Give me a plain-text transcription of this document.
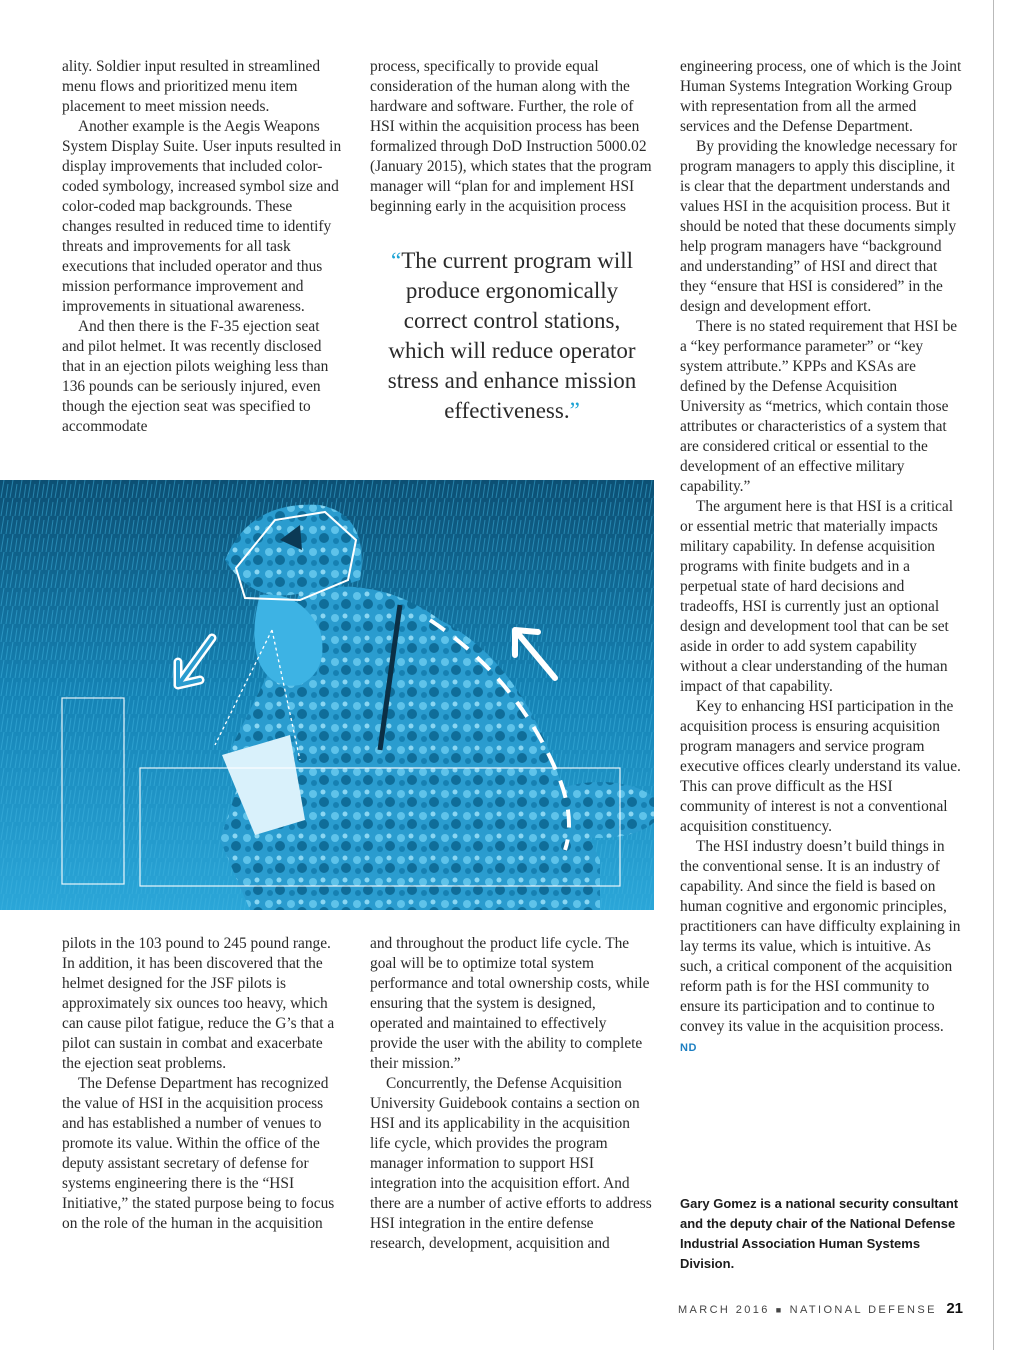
ality. Soldier input resulted in streamlined menu flows and prioritized menu item placement to meet mission needs.

Another example is the Aegis Weapons System Display Suite. User inputs resulted in display improvements that included color-coded symbology, increased symbol size and color-coded map backgrounds. These changes resulted in reduced time to identify threats and improvements for all task executions that included operator and thus mission performance improvement and improvements in situational awareness.

And then there is the F-35 ejection seat and pilot helmet. It was recently disclosed that in an ejection pilots weighing less than 136 pounds can be seriously injured, even though the ejection seat was specified to accommodate

process, specifically to provide equal consideration of the human along with the hardware and software. Further, the role of HSI within the acquisition process has been formalized through DoD Instruction 5000.02 (January 2015), which states that the program manager will “plan for and implement HSI beginning early in the acquisition process

“The current program will produce ergonomically correct control stations, which will reduce operator stress and enhance mission effectiveness.”

pilots in the 103 pound to 245 pound range. In addition, it has been discovered that the helmet designed for the JSF pilots is approximately six ounces too heavy, which can cause pilot fatigue, reduce the G’s that a pilot can sustain in combat and exacerbate the ejection seat problems.

The Defense Department has recognized the value of HSI in the acquisition process and has established a number of venues to promote its value. Within the office of the deputy assistant secretary of defense for systems engineering there is the “HSI Initiative,” the stated purpose being to focus on the role of the human in the acquisition

and throughout the product life cycle. The goal will be to optimize total system performance and total ownership costs, while ensuring that the system is designed, operated and maintained to effectively provide the user with the ability to complete their mission.”

Concurrently, the Defense Acquisition University Guidebook contains a section on HSI and its applicability in the acquisition life cycle, which provides the program manager information to support HSI integration into the acquisition effort. And there are a number of active efforts to address HSI integration in the entire defense research, development, acquisition and

engineering process, one of which is the Joint Human Systems Integration Working Group with representation from all the armed services and the Defense Department.

By providing the knowledge necessary for program managers to apply this discipline, it is clear that the department understands and values HSI in the acquisition process. But it should be noted that these documents simply help program managers have “background and understanding” of HSI and direct that they “ensure that HSI is considered” in the design and development effort.

There is no stated requirement that HSI be a “key performance parameter” or “key system attribute.” KPPs and KSAs are defined by the Defense Acquisition University as “metrics, which contain those attributes or characteristics of a system that are considered critical or essential to the development of an effective military capability.”

The argument here is that HSI is a critical or essential metric that materially impacts military capability. In defense acquisition programs with finite budgets and in a perpetual state of hard decisions and tradeoffs, HSI is currently just an optional design and development tool that can be set aside in order to add system capability without a clear understanding of the human impact of that capability.

Key to enhancing HSI participation in the acquisition process is ensuring acquisition program managers and service program executive offices clearly understand its value. This can prove difficult as the HSI community of interest is not a conventional acquisition constituency.

The HSI industry doesn’t build things in the conventional sense. It is an industry of capability. And since the field is based on human cognitive and ergonomic principles, practitioners can have difficulty explaining in lay terms its value, which is intuitive. As such, a critical component of the acquisition reform path is for the HSI community to ensure its participation and to continue to convey its value in the acquisition process. ND

Gary Gomez is a national security consultant and the deputy chair of the National Defense Industrial Association Human Systems Division.
MARCH 2016 ■ NATIONAL DEFENSE 21
